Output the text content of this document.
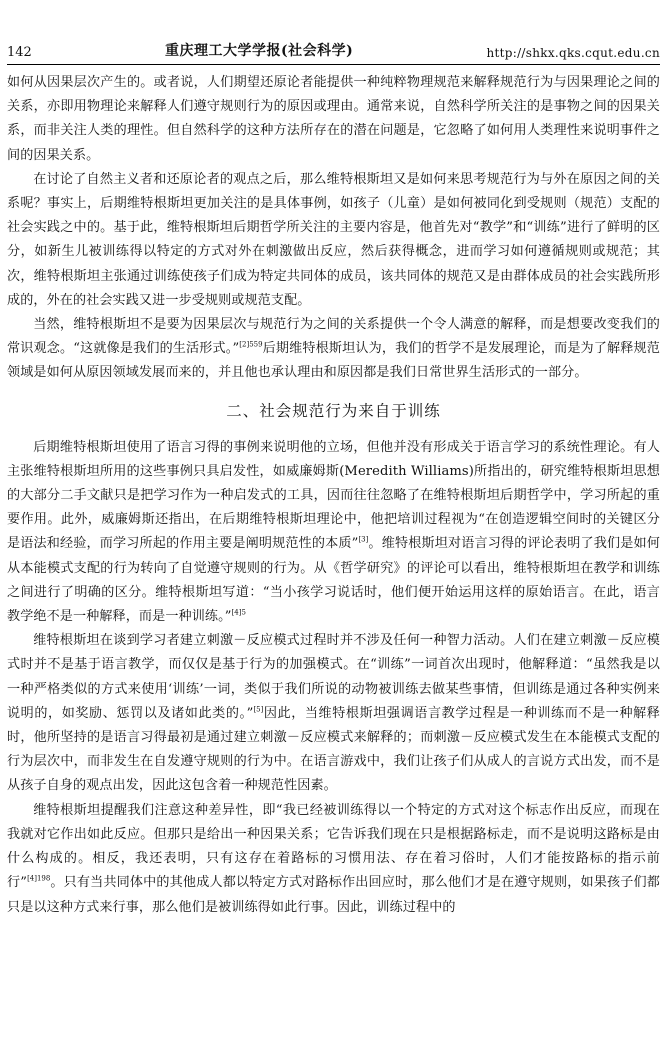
142	重庆理工大学学报(社会科学)	http://shkx.qks.cqut.edu.cn

如何从因果层次产生的。或者说，人们期望还原论者能提供一种纯粹物理规范来解释规范行为与因果理论之间的关系，亦即用物理论来解释人们遵守规则行为的原因或理由。通常来说，自然科学所关注的是事物之间的因果关系，而非关注人类的理性。但自然科学的这种方法所存在的潜在问题是，它忽略了如何用人类理性来说明事件之间的因果关系。

在讨论了自然主义者和还原论者的观点之后，那么维特根斯坦又是如何来思考规范行为与外在原因之间的关系呢？事实上，后期维特根斯坦更加关注的是具体事例，如孩子（儿童）是如何被同化到受规则（规范）支配的社会实践之中的。基于此，维特根斯坦后期哲学所关注的主要内容是，他首先对“教学”和“训练”进行了鲜明的区分，如新生儿被训练得以特定的方式对外在刺激做出反应，然后获得概念，进而学习如何遵循规则或规范；其次，维特根斯坦主张通过训练使孩子们成为特定共同体的成员，该共同体的规范又是由群体成员的社会实践所形成的，外在的社会实践又进一步受规则或规范支配。

当然，维特根斯坦不是要为因果层次与规范行为之间的关系提供一个令人满意的解释，而是想要改变我们的常识观念。“这就像是我们的生活形式。”$^{[2]559}$后期维特根斯坦认为，我们的哲学不是发展理论，而是为了解释规范领域是如何从原因领域发展而来的，并且他也承认理由和原因都是我们日常世界生活形式的一部分。

二、社会规范行为来自于训练

后期维特根斯坦使用了语言习得的事例来说明他的立场，但他并没有形成关于语言学习的系统性理论。有人主张维特根斯坦所用的这些事例只具启发性，如威廉姆斯(Meredith Williams)所指出的，研究维特根斯坦思想的大部分二手文献只是把学习作为一种启发式的工具，因而往往忽略了在维特根斯坦后期哲学中，学习所起的重要作用。此外，威廉姆斯还指出，在后期维特根斯坦理论中，他把培训过程视为“在创造逻辑空间时的关键区分是语法和经验，而学习所起的作用主要是阐明规范性的本质”[3]。维特根斯坦对语言习得的评论表明了我们是如何从本能模式支配的行为转向了自觉遵守规则的行为。从《哲学研究》的评论可以看出，维特根斯坦在教学和训练之间进行了明确的区分。维特根斯坦写道：“当小孩学习说话时，他们便开始运用这样的原始语言。在此，语言教学绝不是一种解释，而是一种训练。”$^{[4]5}$

维特根斯坦在谈到学习者建立刺激－反应模式过程时并不涉及任何一种智力活动。人们在建立刺激－反应模式时并不是基于语言教学，而仅仅是基于行为的加强模式。在“训练”一词首次出现时，他解释道：“虽然我是以一种严格类似的方式来使用‘训练’一词，类似于我们所说的动物被训练去做某些事情，但训练是通过各种实例来说明的，如奖励、惩罚以及诸如此类的。”[5]因此，当维特根斯坦强调语言教学过程是一种训练而不是一种解释时，他所坚持的是语言习得最初是通过建立刺激－反应模式来解释的；而刺激－反应模式发生在本能模式支配的行为层次中，而非发生在自发遵守规则的行为中。在语言游戏中，我们让孩子们从成人的言说方式出发，而不是从孩子自身的观点出发，因此这包含着一种规范性因素。

维特根斯坦提醒我们注意这种差异性，即“我已经被训练得以一个特定的方式对这个标志作出反应，而现在我就对它作出如此反应。但那只是给出一种因果关系；它告诉我们现在只是根据路标走，而不是说明这路标是由什么构成的。相反，我还表明，只有这存在着路标的习惯用法、存在着习俗时，人们才能按路标的指示前行”$^{[4]198}$。只有当共同体中的其他成人都以特定方式对路标作出回应时，那么他们才是在遵守规则，如果孩子们都只是以这种方式来行事，那么他们是被训练得如此行事。因此，训练过程中的
